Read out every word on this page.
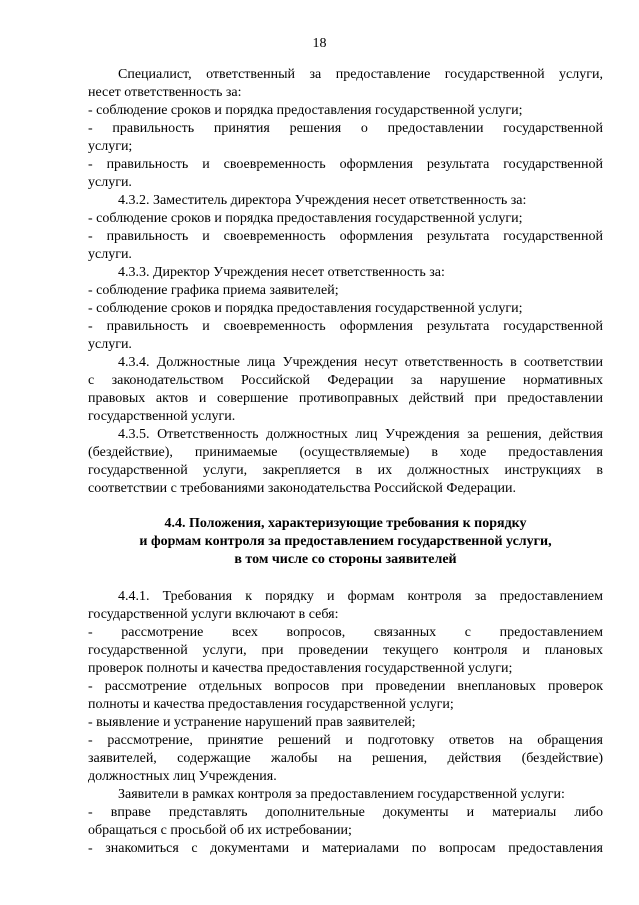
18

Специалист, ответственный за предоставление государственной услуги,

несет ответственность за:

- соблюдение сроков и порядка предоставления государственной услуги;

- правильность принятия решения о предоставлении государственной

услуги;

- правильность и своевременность оформления результата государственной

услуги.

4.3.2. Заместитель директора Учреждения несет ответственность за:

- соблюдение сроков и порядка предоставления государственной услуги;

- правильность и своевременность оформления результата государственной

услуги.

4.3.3. Директор Учреждения несет ответственность за:

- соблюдение графика приема заявителей;

- соблюдение сроков и порядка предоставления государственной услуги;

- правильность и своевременность оформления результата государственной

услуги.

4.3.4. Должностные лица Учреждения несут ответственность в соответствии

с законодательством Российской Федерации за нарушение нормативных

правовых актов и совершение противоправных действий при предоставлении

государственной услуги.

4.3.5. Ответственность должностных лиц Учреждения за решения, действия

(бездействие), принимаемые (осуществляемые) в ходе предоставления

государственной услуги, закрепляется в их должностных инструкциях в

соответствии с требованиями законодательства Российской Федерации.

4.4. Положения, характеризующие требования к порядку

и формам контроля за предоставлением государственной услуги,

в том числе со стороны заявителей

4.4.1. Требования к порядку и формам контроля за предоставлением

государственной услуги включают в себя:

- рассмотрение всех вопросов, связанных с предоставлением

государственной услуги, при проведении текущего контроля и плановых

проверок полноты и качества предоставления государственной услуги;

- рассмотрение отдельных вопросов при проведении внеплановых проверок

полноты и качества предоставления государственной услуги;

- выявление и устранение нарушений прав заявителей;

- рассмотрение, принятие решений и подготовку ответов на обращения

заявителей, содержащие жалобы на решения, действия (бездействие)

должностных лиц Учреждения.

Заявители в рамках контроля за предоставлением государственной услуги:

- вправе представлять дополнительные документы и материалы либо

обращаться с просьбой об их истребовании;

- знакомиться с документами и материалами по вопросам предоставления
